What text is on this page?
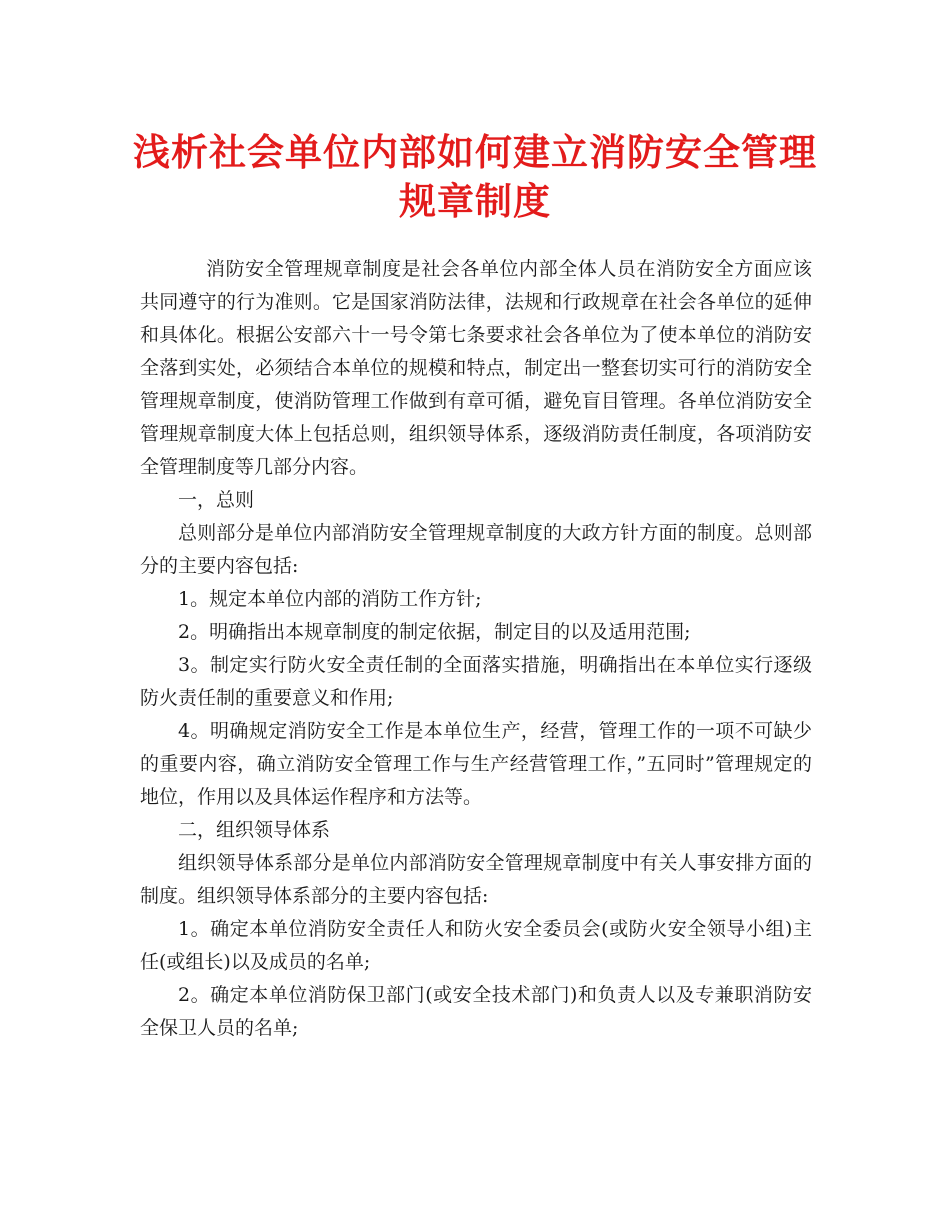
浅析社会单位内部如何建立消防安全管理规章制度

消防安全管理规章制度是社会各单位内部全体人员在消防安全方面应该共同遵守的行为准则。它是国家消防法律，法规和行政规章在社会各单位的延伸和具体化。根据公安部六十一号令第七条要求社会各单位为了使本单位的消防安全落到实处，必须结合本单位的规模和特点，制定出一整套切实可行的消防安全管理规章制度，使消防管理工作做到有章可循，避免盲目管理。各单位消防安全管理规章制度大体上包括总则，组织领导体系，逐级消防责任制度，各项消防安全管理制度等几部分内容。

一，总则

总则部分是单位内部消防安全管理规章制度的大政方针方面的制度。总则部分的主要内容包括:

1。规定本单位内部的消防工作方针;

2。明确指出本规章制度的制定依据，制定目的以及适用范围;

3。制定实行防火安全责任制的全面落实措施，明确指出在本单位实行逐级防火责任制的重要意义和作用;

4。明确规定消防安全工作是本单位生产，经营，管理工作的一项不可缺少的重要内容，确立消防安全管理工作与生产经营管理工作，”五同时”管理规定的地位，作用以及具体运作程序和方法等。

二，组织领导体系

组织领导体系部分是单位内部消防安全管理规章制度中有关人事安排方面的制度。组织领导体系部分的主要内容包括:

1。确定本单位消防安全责任人和防火安全委员会(或防火安全领导小组)主任(或组长)以及成员的名单;

2。确定本单位消防保卫部门(或安全技术部门)和负责人以及专兼职消防安全保卫人员的名单;
